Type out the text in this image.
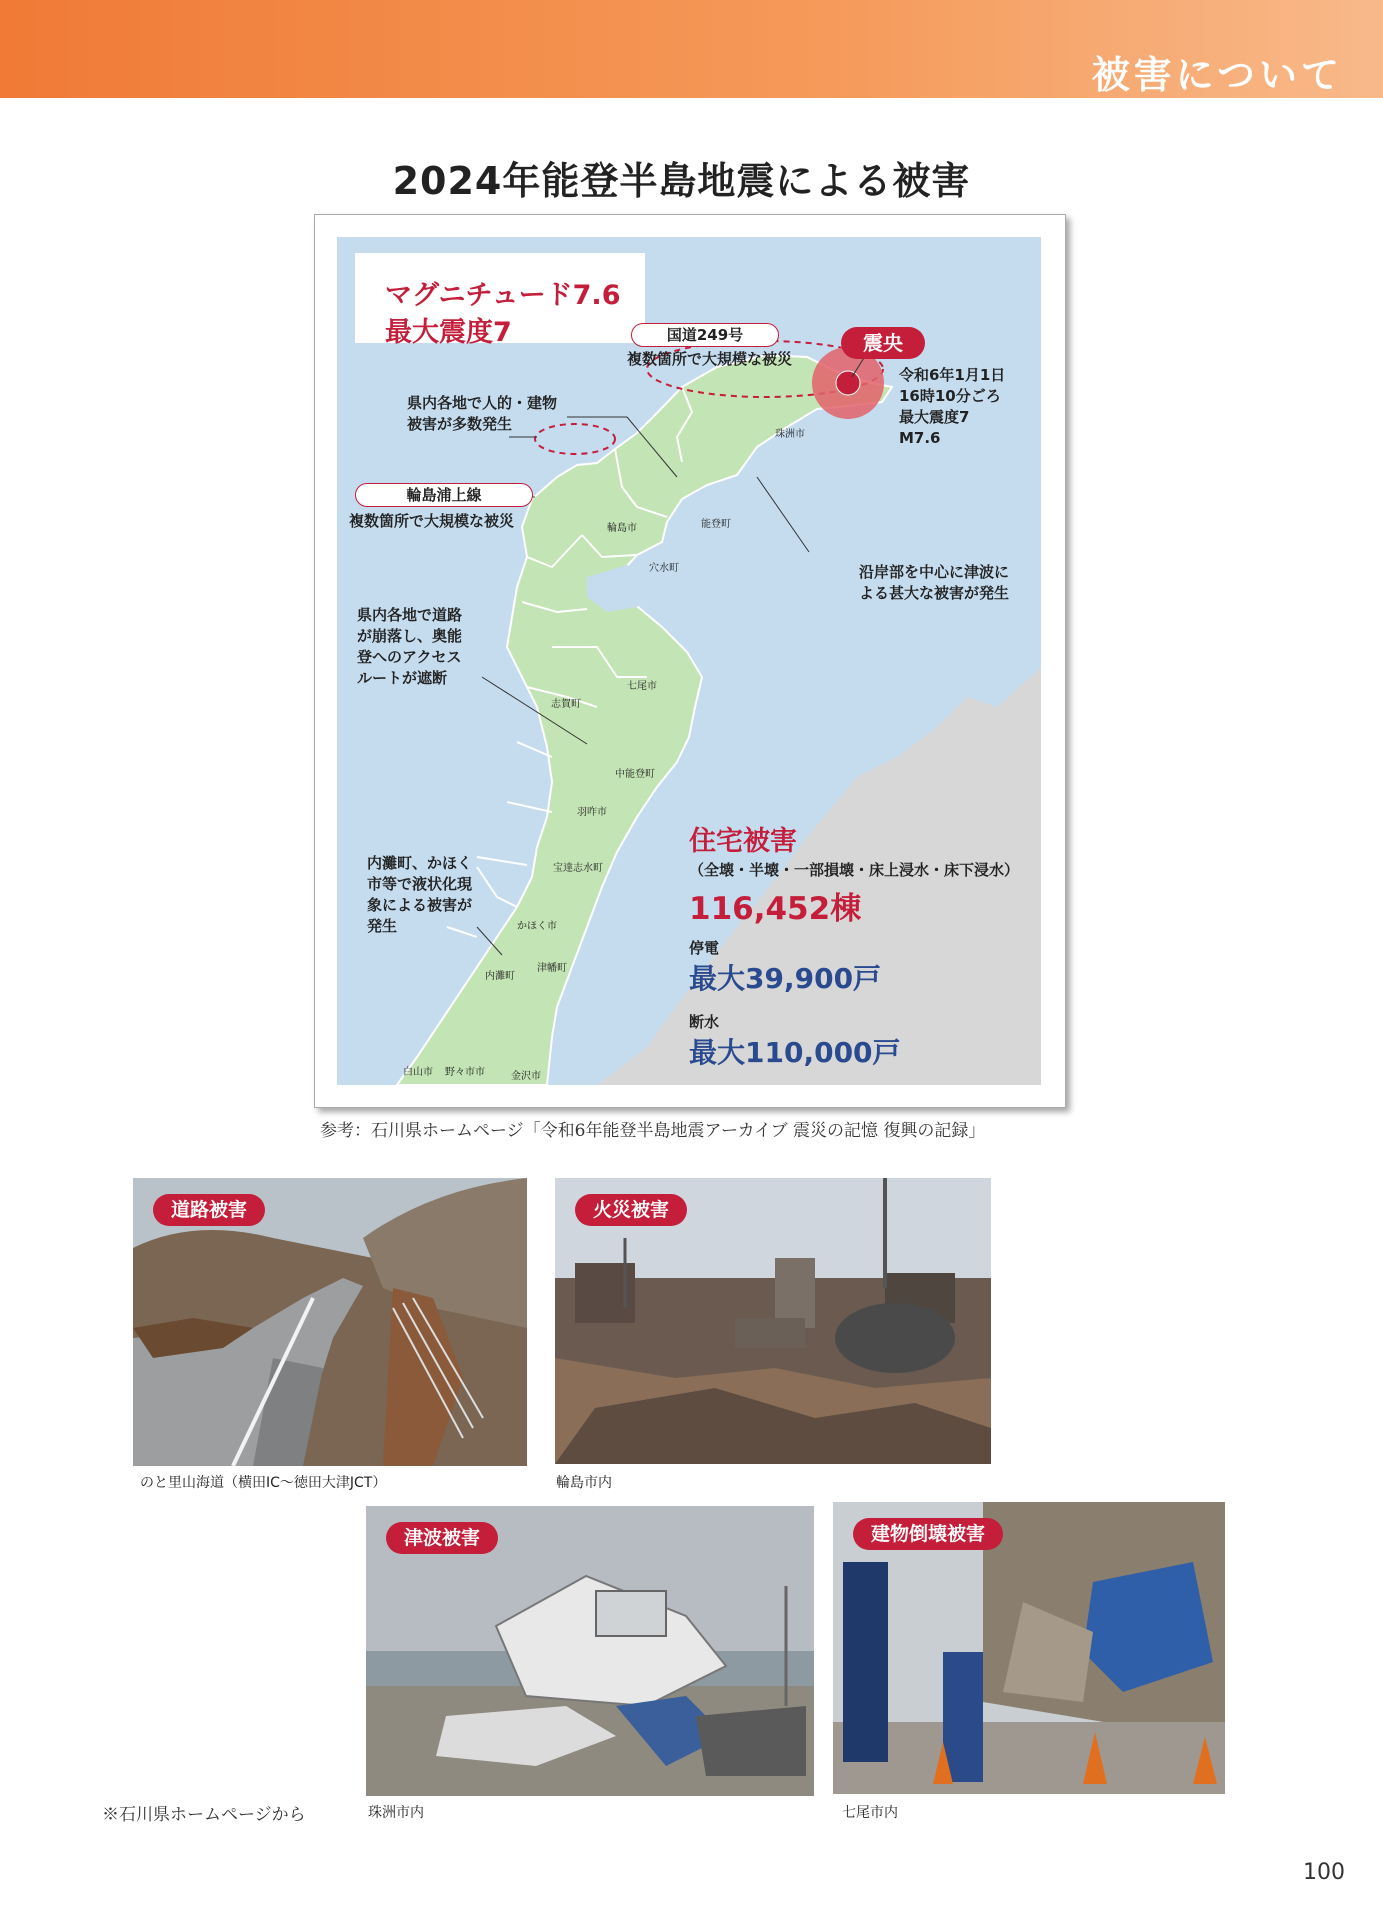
被害について
2024年能登半島地震による被害
マグニチュード7.6
最大震度7	国道249号
複数箇所で大規模な被災
震央
令和6年1月1日
16時10分ごろ
最大震度7
M7.6
県内各地で人的・建物
被害が多数発生
輪島浦上線
複数箇所で大規模な被災
沿岸部を中心に津波に
よる甚大な被害が発生
県内各地で道路
が崩落し、奥能
登へのアクセス
ルートが遮断
内灘町、かほく
市等で液状化現
象による被害が
発生
珠洲市
輪島市	能登町
穴水町
七尾市
志賀町
中能登町
羽咋市
宝達志水町
かほく市
津幡町
内灘町
白山市 野々市市	金沢市
住宅被害
（全壊・半壊・一部損壊・床上浸水・床下浸水）
116,452棟
停電
最大39,900戸
断水
最大110,000戸
参考：石川県ホームページ「令和6年能登半島地震アーカイブ 震災の記憶 復興の記録」
道路被害
のと里山海道（横田IC～徳田大津JCT）
火災被害
輪島市内
津波被害
珠洲市内
建物倒壊被害
七尾市内
※石川県ホームページから
100
